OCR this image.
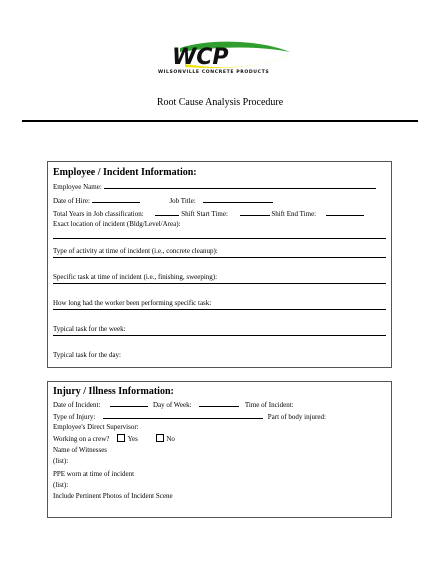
WCP
WILSONVILLE CONCRETE PRODUCTS
Root Cause Analysis Procedure
Employee / Incident Information:
Employee Name:
Date of Hire:	Job Title:
Total Years in Job classification:	Shift Start Time:	Shift End Time:
Exact location of incident (Bldg/Level/Area):
Type of activity at time of incident (i.e., concrete cleanup):
Specific task at time of incident (i.e., finishing, sweeping):
How long had the worker been performing specific task:
Typical task for the week:
Typical task for the day:
Injury / Illness Information:
Date of Incident:	Day of Week:	Time of Incident:
Type of Injury:	Part of body injured:
Employee's Direct Supervisor:
Working on a crew?	Yes	No
Name of Witnesses
(list):
PPE worn at time of incident
(list):
Include Pertinent Photos of Incident Scene
